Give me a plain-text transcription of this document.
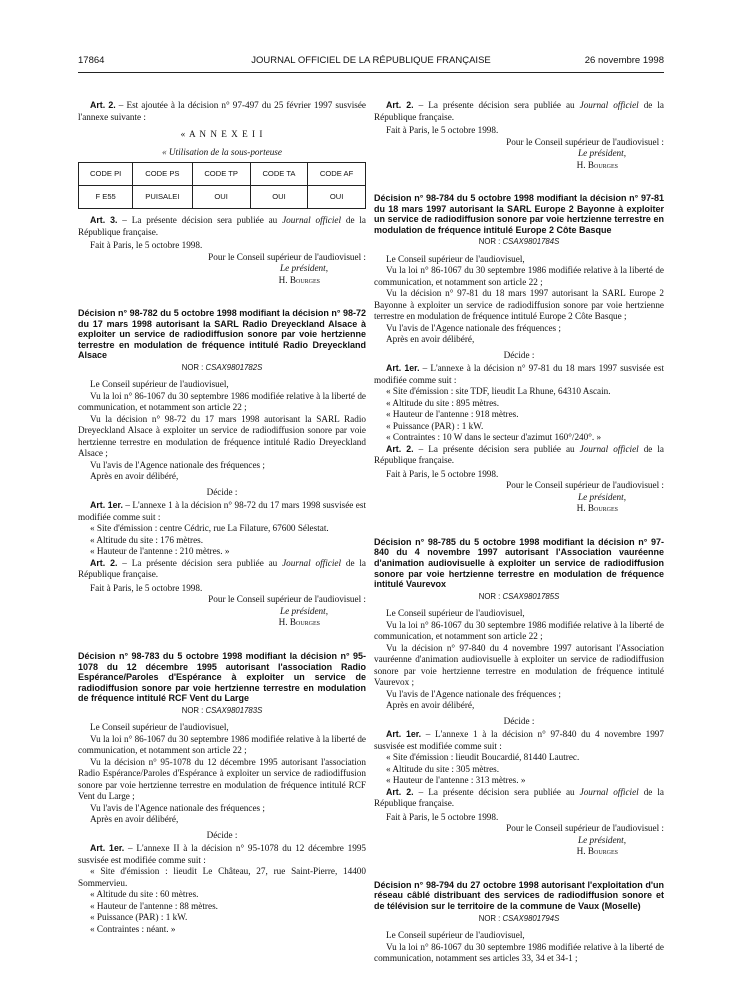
17864	JOURNAL OFFICIEL DE LA RÉPUBLIQUE FRANÇAISE	26 novembre 1998

Art. 2. – Est ajoutée à la décision n° 97-497 du 25 février 1997 susvisée l'annexe suivante :

« A N N E X E I I

« Utilisation de la sous-porteuse

CODE PI	CODE PS	CODE TP	CODE TA	CODE AF
F E55	PUISALEI	OUI	OUI	OUI

Art. 3. – La présente décision sera publiée au Journal officiel de la République française.

Fait à Paris, le 5 octobre 1998.

Pour le Conseil supérieur de l'audiovisuel :

Le président,

H. Bourges

Décision n° 98-782 du 5 octobre 1998 modifiant la décision n° 98-72 du 17 mars 1998 autorisant la SARL Radio Dreyeckland Alsace à exploiter un service de radiodiffusion sonore par voie hertzienne terrestre en modulation de fréquence intitulé Radio Dreyeckland Alsace

NOR : CSAX9801782S

Le Conseil supérieur de l'audiovisuel,

Vu la loi n° 86-1067 du 30 septembre 1986 modifiée relative à la liberté de communication, et notamment son article 22 ;

Vu la décision n° 98-72 du 17 mars 1998 autorisant la SARL Radio Dreyeckland Alsace à exploiter un service de radiodiffusion sonore par voie hertzienne terrestre en modulation de fréquence intitulé Radio Dreyeckland Alsace ;

Vu l'avis de l'Agence nationale des fréquences ;

Après en avoir délibéré,

Décide :

Art. 1er. – L'annexe 1 à la décision n° 98-72 du 17 mars 1998 susvisée est modifiée comme suit :

« Site d'émission : centre Cédric, rue La Filature, 67600 Sélestat.

« Altitude du site : 176 mètres.

« Hauteur de l'antenne : 210 mètres. »

Art. 2. – La présente décision sera publiée au Journal officiel de la République française.

Fait à Paris, le 5 octobre 1998.

Pour le Conseil supérieur de l'audiovisuel :

Le président,

H. Bourges

Décision n° 98-783 du 5 octobre 1998 modifiant la décision n° 95-1078 du 12 décembre 1995 autorisant l'association Radio Espérance/Paroles d'Espérance à exploiter un service de radiodiffusion sonore par voie hertzienne terrestre en modulation de fréquence intitulé RCF Vent du Large

NOR : CSAX9801783S

Le Conseil supérieur de l'audiovisuel,

Vu la loi n° 86-1067 du 30 septembre 1986 modifiée relative à la liberté de communication, et notamment son article 22 ;

Vu la décision n° 95-1078 du 12 décembre 1995 autorisant l'association Radio Espérance/Paroles d'Espérance à exploiter un service de radiodiffusion sonore par voie hertzienne terrestre en modulation de fréquence intitulé RCF Vent du Large ;

Vu l'avis de l'Agence nationale des fréquences ;

Après en avoir délibéré,

Décide :

Art. 1er. – L'annexe II à la décision n° 95-1078 du 12 décembre 1995 susvisée est modifiée comme suit :

« Site d'émission : lieudit Le Château, 27, rue Saint-Pierre, 14400 Sommervieu.

« Altitude du site : 60 mètres.

« Hauteur de l'antenne : 88 mètres.

« Puissance (PAR) : 1 kW.

« Contraintes : néant. »

Art. 2. – La présente décision sera publiée au Journal officiel de la République française.

Fait à Paris, le 5 octobre 1998.

Pour le Conseil supérieur de l'audiovisuel :

Le président,

H. Bourges

Décision n° 98-784 du 5 octobre 1998 modifiant la décision n° 97-81 du 18 mars 1997 autorisant la SARL Europe 2 Bayonne à exploiter un service de radiodiffusion sonore par voie hertzienne terrestre en modulation de fréquence intitulé Europe 2 Côte Basque

NOR : CSAX9801784S

Le Conseil supérieur de l'audiovisuel,

Vu la loi n° 86-1067 du 30 septembre 1986 modifiée relative à la liberté de communication, et notamment son article 22 ;

Vu la décision n° 97-81 du 18 mars 1997 autorisant la SARL Europe 2 Bayonne à exploiter un service de radiodiffusion sonore par voie hertzienne terrestre en modulation de fréquence intitulé Europe 2 Côte Basque ;

Vu l'avis de l'Agence nationale des fréquences ;

Après en avoir délibéré,

Décide :

Art. 1er. – L'annexe à la décision n° 97-81 du 18 mars 1997 susvisée est modifiée comme suit :

« Site d'émission : site TDF, lieudit La Rhune, 64310 Ascain.

« Altitude du site : 895 mètres.

« Hauteur de l'antenne : 918 mètres.

« Puissance (PAR) : 1 kW.

« Contraintes : 10 W dans le secteur d'azimut 160°/240°. »

Art. 2. – La présente décision sera publiée au Journal officiel de la République française.

Fait à Paris, le 5 octobre 1998.

Pour le Conseil supérieur de l'audiovisuel :

Le président,

H. Bourges

Décision n° 98-785 du 5 octobre 1998 modifiant la décision n° 97-840 du 4 novembre 1997 autorisant l'Association vauréenne d'animation audiovisuelle à exploiter un service de radiodiffusion sonore par voie hertzienne terrestre en modulation de fréquence intitulé Vaurevox

NOR : CSAX9801785S

Le Conseil supérieur de l'audiovisuel,

Vu la loi n° 86-1067 du 30 septembre 1986 modifiée relative à la liberté de communication, et notamment son article 22 ;

Vu la décision n° 97-840 du 4 novembre 1997 autorisant l'Association vauréenne d'animation audiovisuelle à exploiter un service de radiodiffusion sonore par voie hertzienne terrestre en modulation de fréquence intitulé Vaurevox ;

Vu l'avis de l'Agence nationale des fréquences ;

Après en avoir délibéré,

Décide :

Art. 1er. – L'annexe 1 à la décision n° 97-840 du 4 novembre 1997 susvisée est modifiée comme suit :

« Site d'émission : lieudit Boucardié, 81440 Lautrec.

« Altitude du site : 305 mètres.

« Hauteur de l'antenne : 313 mètres. »

Art. 2. – La présente décision sera publiée au Journal officiel de la République française.

Fait à Paris, le 5 octobre 1998.

Pour le Conseil supérieur de l'audiovisuel :

Le président,

H. Bourges

Décision n° 98-794 du 27 octobre 1998 autorisant l'exploitation d'un réseau câblé distribuant des services de radiodiffusion sonore et de télévision sur le territoire de la commune de Vaux (Moselle)

NOR : CSAX9801794S

Le Conseil supérieur de l'audiovisuel,

Vu la loi n° 86-1067 du 30 septembre 1986 modifiée relative à la liberté de communication, notamment ses articles 33, 34 et 34-1 ;
